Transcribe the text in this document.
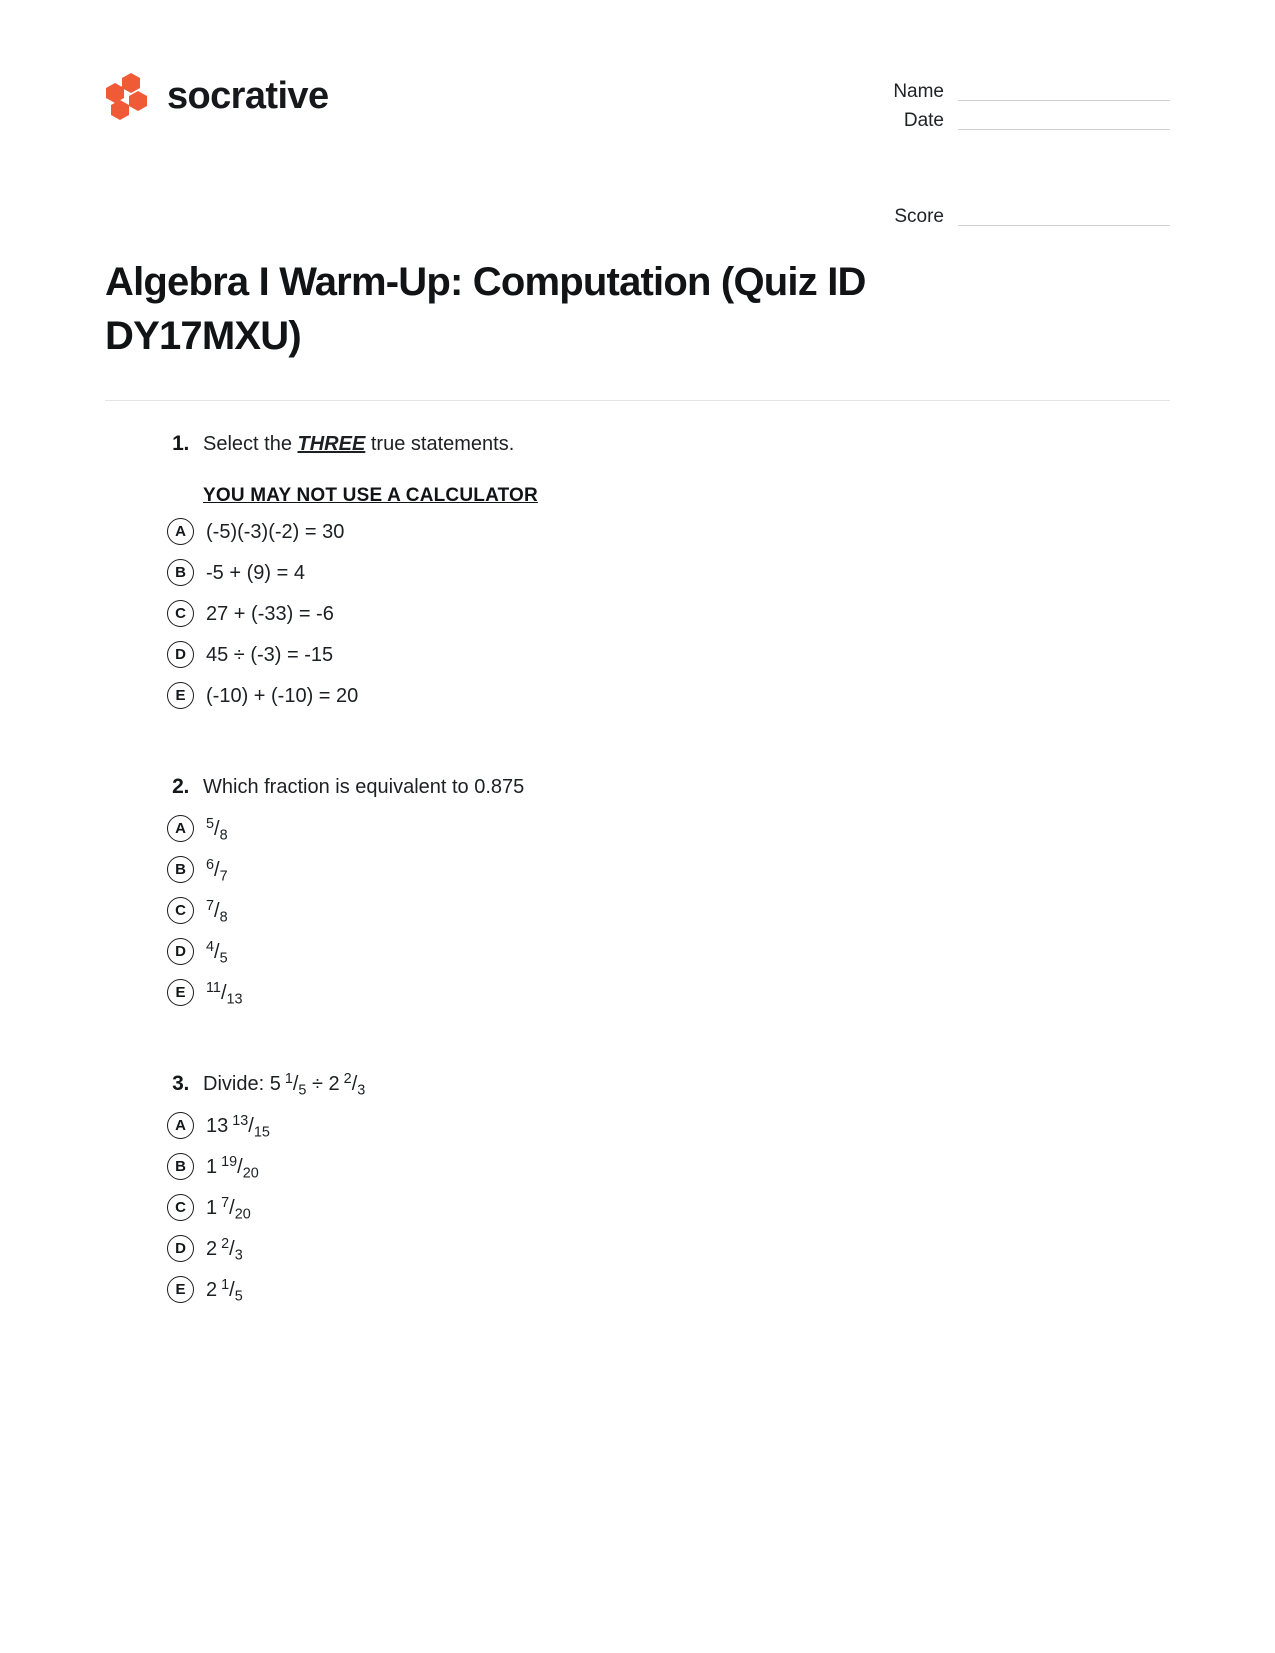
socrative	Name
Date
Score
Algebra I Warm-Up: Computation (Quiz ID DY17MXU)
1. Select the THREE true statements.
YOU MAY NOT USE A CALCULATOR
A	(-5)(-3)(-2) = 30
B	-5 + (9) = 4
C	27 + (-33) = -6
D	45 ÷ (-3) = -15
E	(-10) + (-10) = 20
2. Which fraction is equivalent to 0.875
A	$^5/_8$
B	$^6/_7$
C	$^7/_8$
D	$^4/_5$
E	$^{11}/_{13}$
3. Divide: 5  $^1/_5 \div 2$  $^2/_3$
A	13  $^{13}/_{15}$
B	1  $^{19}/_{20}$
C	1  $^7/_{20}$
D	2  $^2/_3$
E	2  $^1/_5$
